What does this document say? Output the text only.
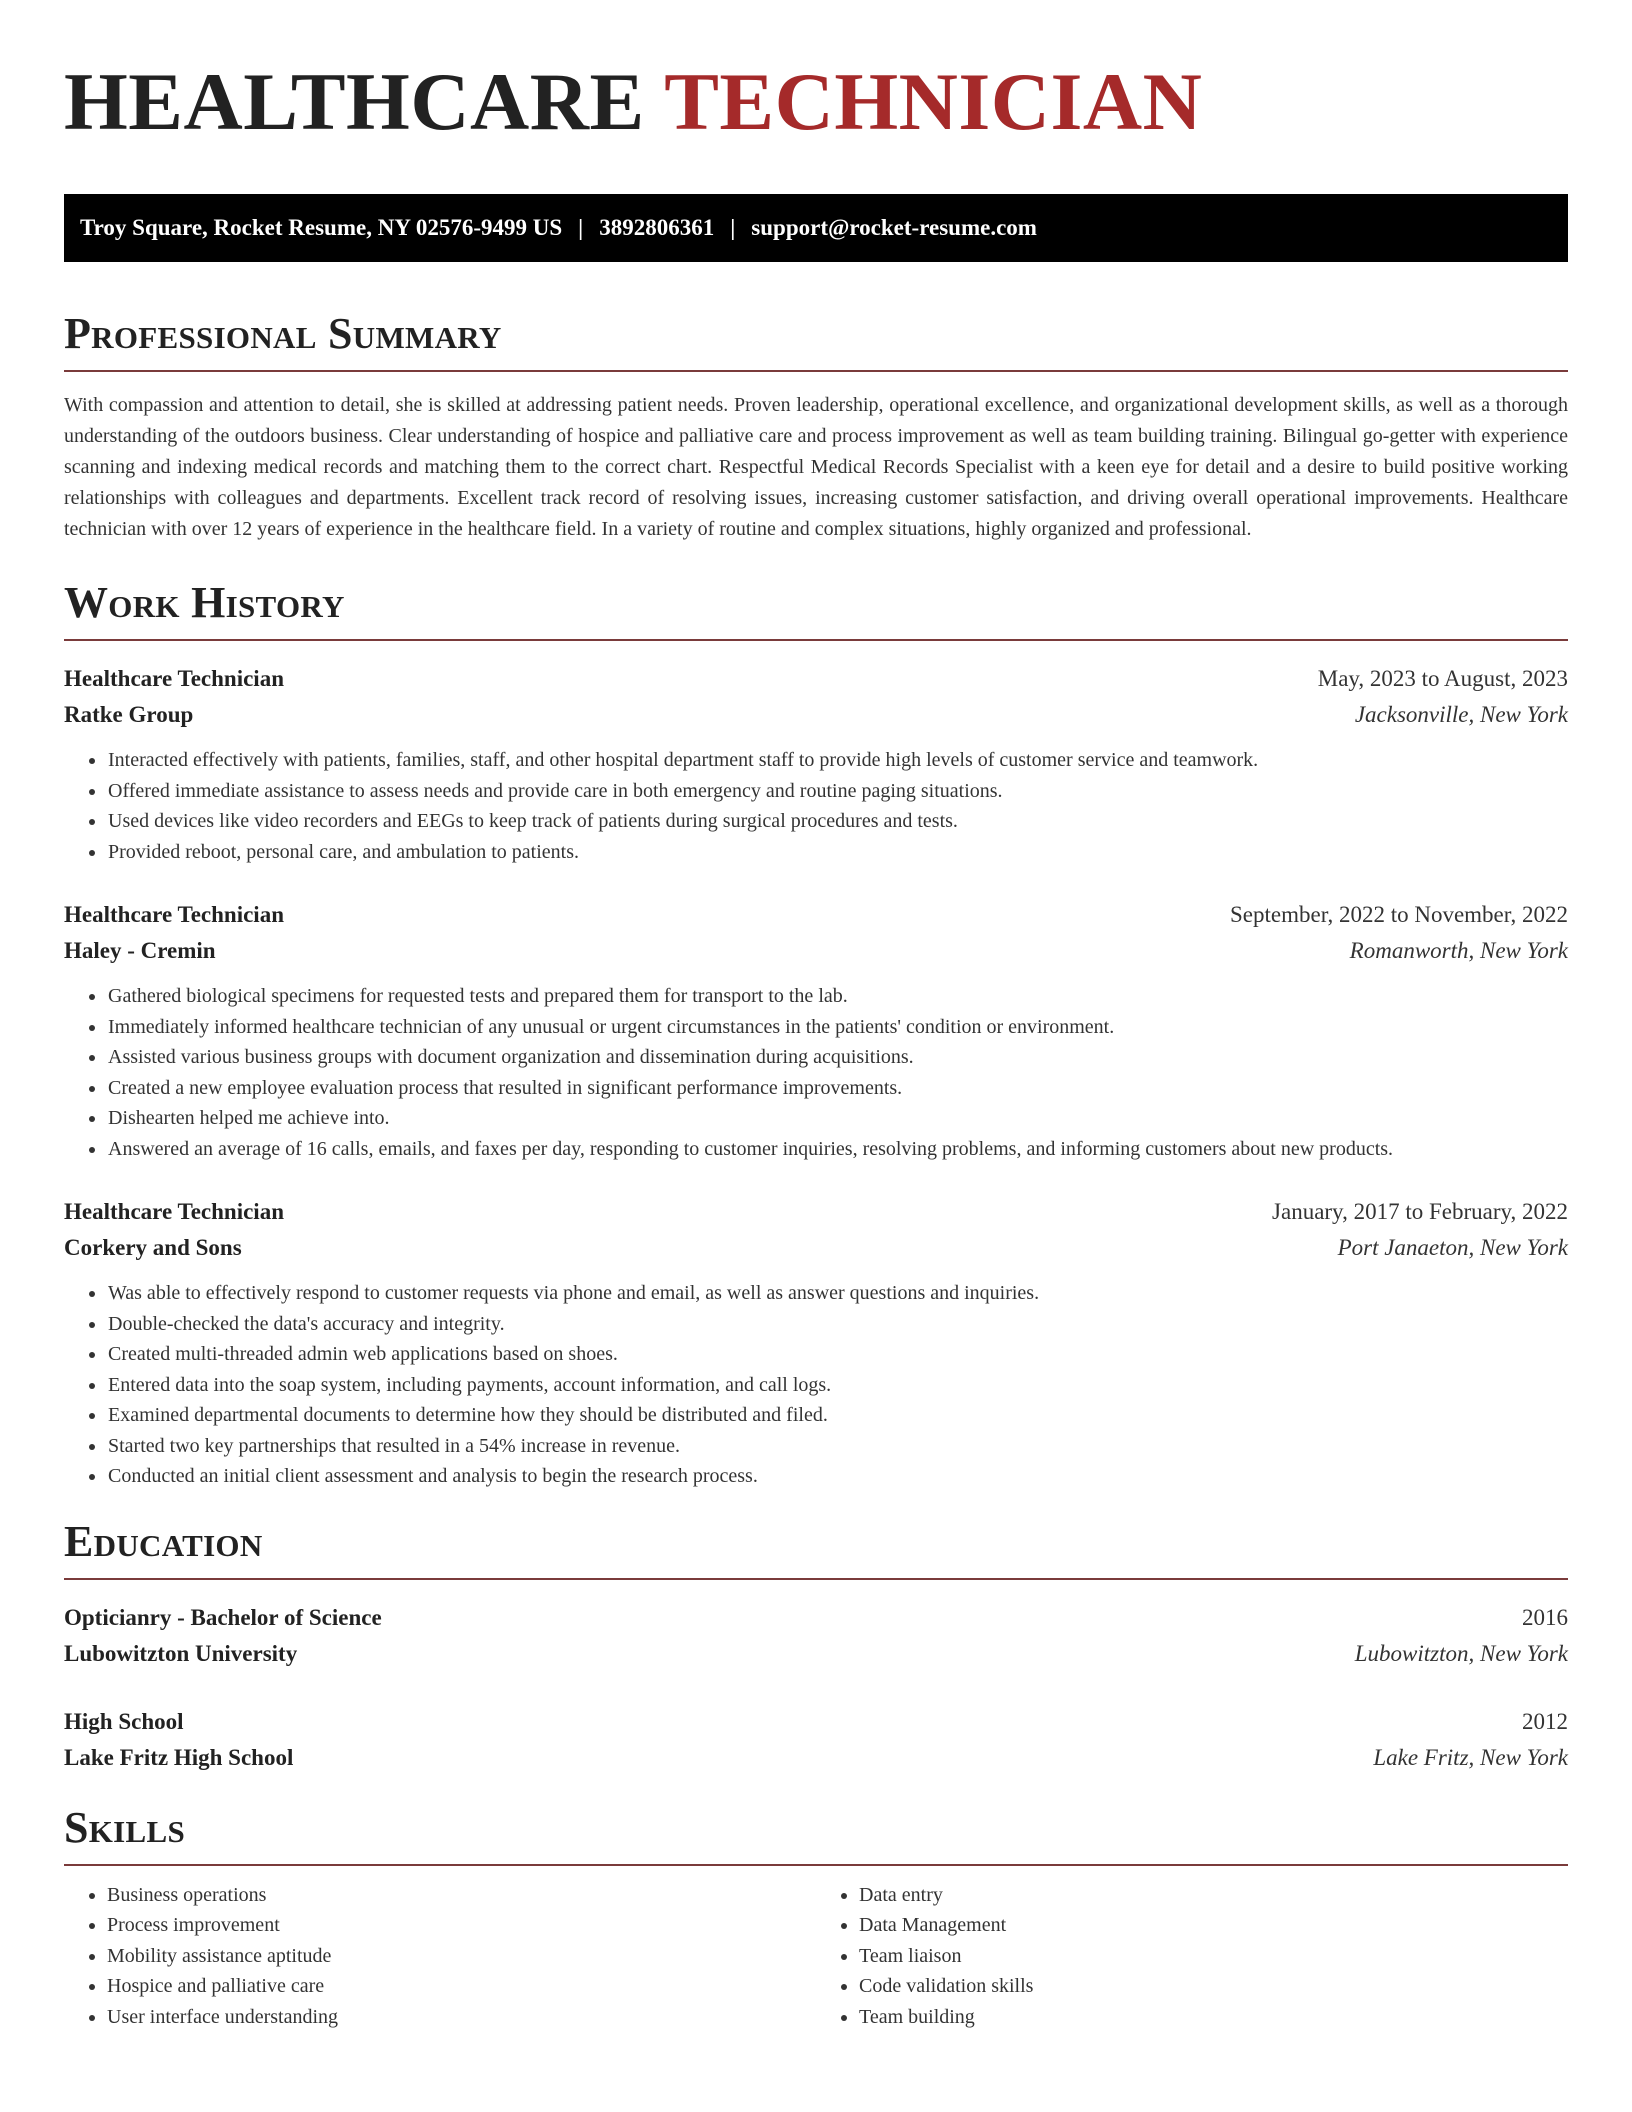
HEALTHCARE TECHNICIAN
Troy Square, Rocket Resume, NY 02576-9499 US | 3892806361 | support@rocket-resume.com
Professional Summary

With compassion and attention to detail, she is skilled at addressing patient needs. Proven leadership, operational excellence, and organizational development skills, as well as a thorough understanding of the outdoors business. Clear understanding of hospice and palliative care and process improvement as well as team building training. Bilingual go-getter with experience scanning and indexing medical records and matching them to the correct chart. Respectful Medical Records Specialist with a keen eye for detail and a desire to build positive working relationships with colleagues and departments. Excellent track record of resolving issues, increasing customer satisfaction, and driving overall operational improvements. Healthcare technician with over 12 years of experience in the healthcare field. In a variety of routine and complex situations, highly organized and professional.

Work History
Healthcare Technician	May, 2023 to August, 2023
Ratke Group	Jacksonville, New York
• Interacted effectively with patients, families, staff, and other hospital department staff to provide high levels of customer service and teamwork.
• Offered immediate assistance to assess needs and provide care in both emergency and routine paging situations.
• Used devices like video recorders and EEGs to keep track of patients during surgical procedures and tests.
• Provided reboot, personal care, and ambulation to patients.
Healthcare Technician	September, 2022 to November, 2022
Haley - Cremin	Romanworth, New York
• Gathered biological specimens for requested tests and prepared them for transport to the lab.
• Immediately informed healthcare technician of any unusual or urgent circumstances in the patients' condition or environment.
• Assisted various business groups with document organization and dissemination during acquisitions.
• Created a new employee evaluation process that resulted in significant performance improvements.
• Dishearten helped me achieve into.
• Answered an average of 16 calls, emails, and faxes per day, responding to customer inquiries, resolving problems, and informing customers about new products.
Healthcare Technician	January, 2017 to February, 2022
Corkery and Sons	Port Janaeton, New York
• Was able to effectively respond to customer requests via phone and email, as well as answer questions and inquiries.
• Double-checked the data's accuracy and integrity.
• Created multi-threaded admin web applications based on shoes.
• Entered data into the soap system, including payments, account information, and call logs.
• Examined departmental documents to determine how they should be distributed and filed.
• Started two key partnerships that resulted in a 54% increase in revenue.
• Conducted an initial client assessment and analysis to begin the research process.
Education
Opticianry - Bachelor of Science	2016
Lubowitzton University	Lubowitzton, New York
High School	2012
Lake Fritz High School	Lake Fritz, New York
Skills
• Business operations
• Process improvement
• Mobility assistance aptitude
• Hospice and palliative care
• User interface understanding
• Data entry
• Data Management
• Team liaison
• Code validation skills
• Team building
